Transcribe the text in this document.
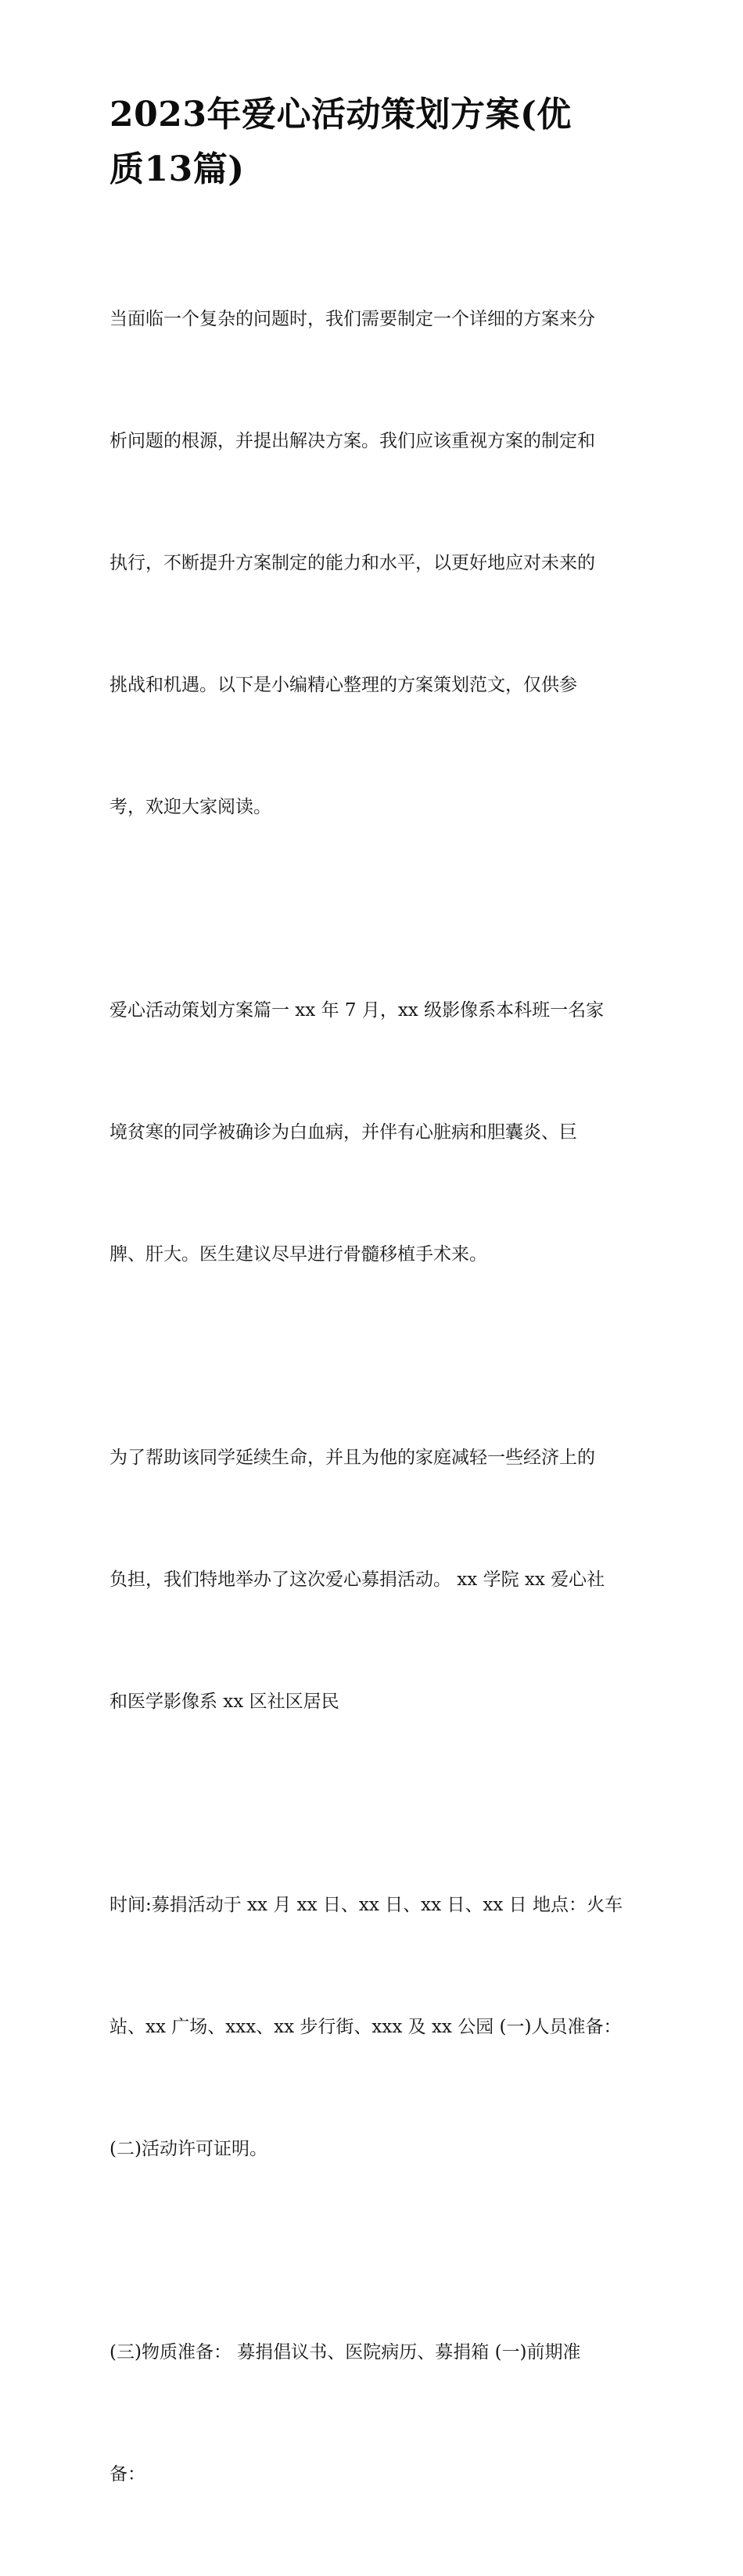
2023年爱心活动策划方案(优
质13篇)

当面临一个复杂的问题时，我们需要制定一个详细的方案来分

析问题的根源，并提出解决方案。我们应该重视方案的制定和

执行，不断提升方案制定的能力和水平，以更好地应对未来的

挑战和机遇。以下是小编精心整理的方案策划范文，仅供参

考，欢迎大家阅读。

爱心活动策划方案篇一 xx 年 7 月，xx 级影像系本科班一名家

境贫寒的同学被确诊为白血病，并伴有心脏病和胆囊炎、巨

脾、肝大。医生建议尽早进行骨髓移植手术来。

为了帮助该同学延续生命，并且为他的家庭减轻一些经济上的

负担，我们特地举办了这次爱心募捐活动。 xx 学院 xx 爱心社

和医学影像系 xx 区社区居民

时间:募捐活动于 xx 月 xx 日、xx 日、xx 日、xx 日 地点：火车

站、xx 广场、xxx、xx 步行街、xxx 及 xx 公园 (一)人员准备：

(二)活动许可证明。

(三)物质准备： 募捐倡议书、医院病历、募捐箱 (一)前期准

备：
